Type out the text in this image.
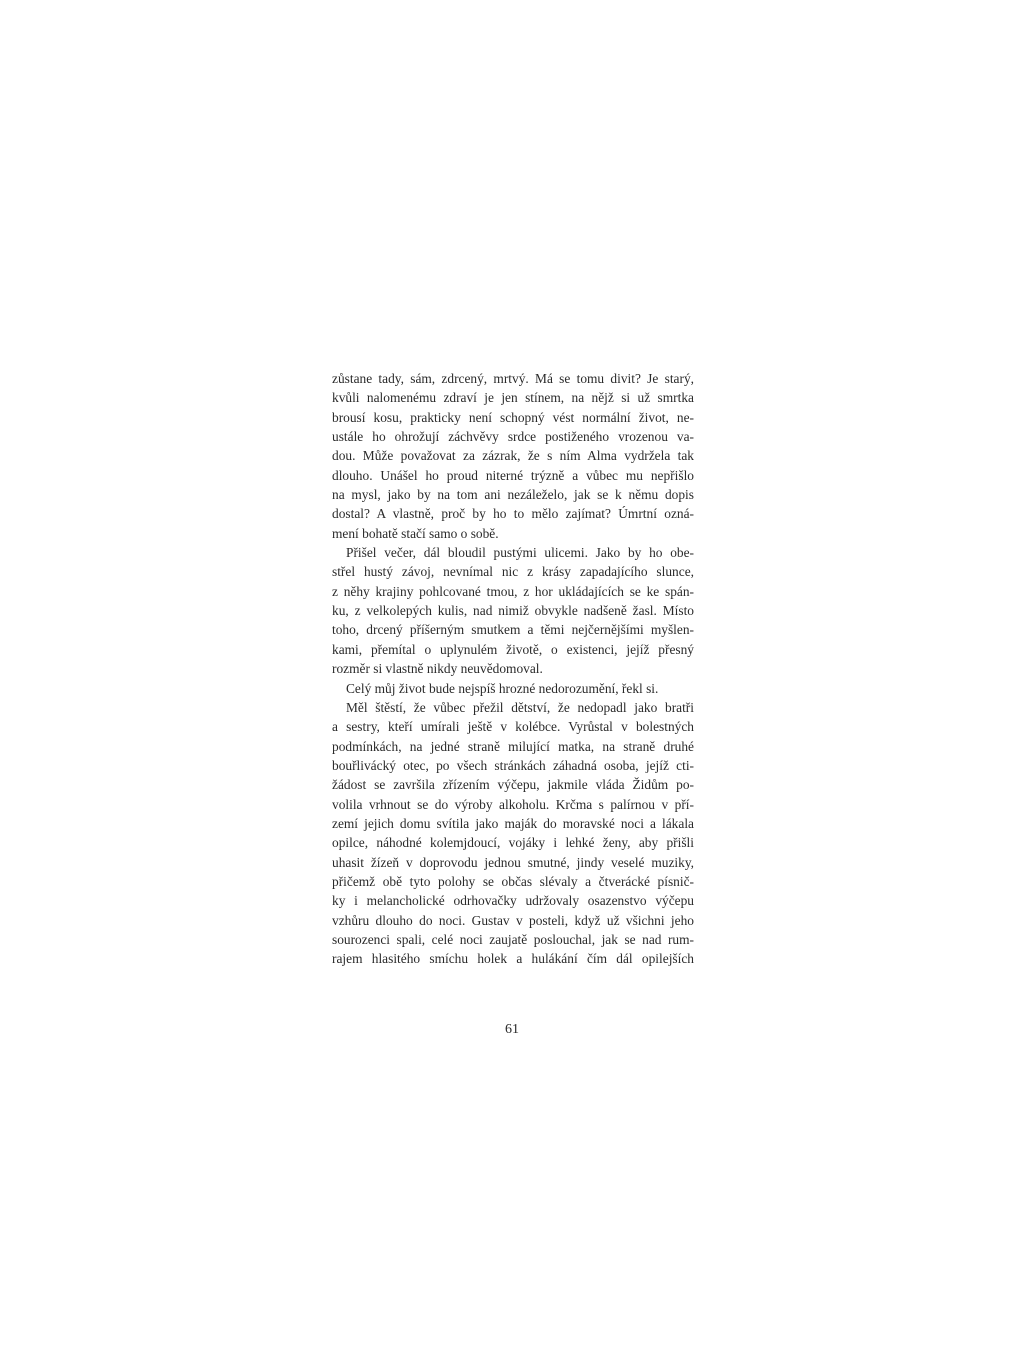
zůstane tady, sám, zdrcený, mrtvý. Má se tomu divit? Je starý,
kvůli nalomenému zdraví je jen stínem, na nějž si už smrtka
brousí kosu, prakticky není schopný vést normální život, ne-
ustále ho ohrožují záchvěvy srdce postiženého vrozenou va-
dou. Může považovat za zázrak, že s ním Alma vydržela tak
dlouho. Unášel ho proud niterné trýzně a vůbec mu nepřišlo
na mysl, jako by na tom ani nezáleželo, jak se k němu dopis
dostal? A vlastně, proč by ho to mělo zajímat? Úmrtní ozná-
mení bohatě stačí samo o sobě.
Přišel večer, dál bloudil pustými ulicemi. Jako by ho obe-
střel hustý závoj, nevnímal nic z krásy zapadajícího slunce,
z něhy krajiny pohlcované tmou, z hor ukládajících se ke spán-
ku, z velkolepých kulis, nad nimiž obvykle nadšeně žasl. Místo
toho, drcený příšerným smutkem a těmi nejčernějšími myšlen-
kami, přemítal o uplynulém životě, o existenci, jejíž přesný
rozměr si vlastně nikdy neuvědomoval.
Celý můj život bude nejspíš hrozné nedorozumění, řekl si.
Měl štěstí, že vůbec přežil dětství, že nedopadl jako bratři
a sestry, kteří umírali ještě v kolébce. Vyrůstal v bolestných
podmínkách, na jedné straně milující matka, na straně druhé
bouřlivácký otec, po všech stránkách záhadná osoba, jejíž cti-
žádost se završila zřízením výčepu, jakmile vláda Židům po-
volila vrhnout se do výroby alkoholu. Krčma s palírnou v pří-
zemí jejich domu svítila jako maják do moravské noci a lákala
opilce, náhodné kolemjdoucí, vojáky i lehké ženy, aby přišli
uhasit žízeň v doprovodu jednou smutné, jindy veselé muziky,
přičemž obě tyto polohy se občas slévaly a čtverácké písnič-
ky i melancholické odrhovačky udržovaly osazenstvo výčepu
vzhůru dlouho do noci. Gustav v posteli, když už všichni jeho
sourozenci spali, celé noci zaujatě poslouchal, jak se nad rum-
rajem hlasitého smíchu holek a hulákání čím dál opilejších
61
